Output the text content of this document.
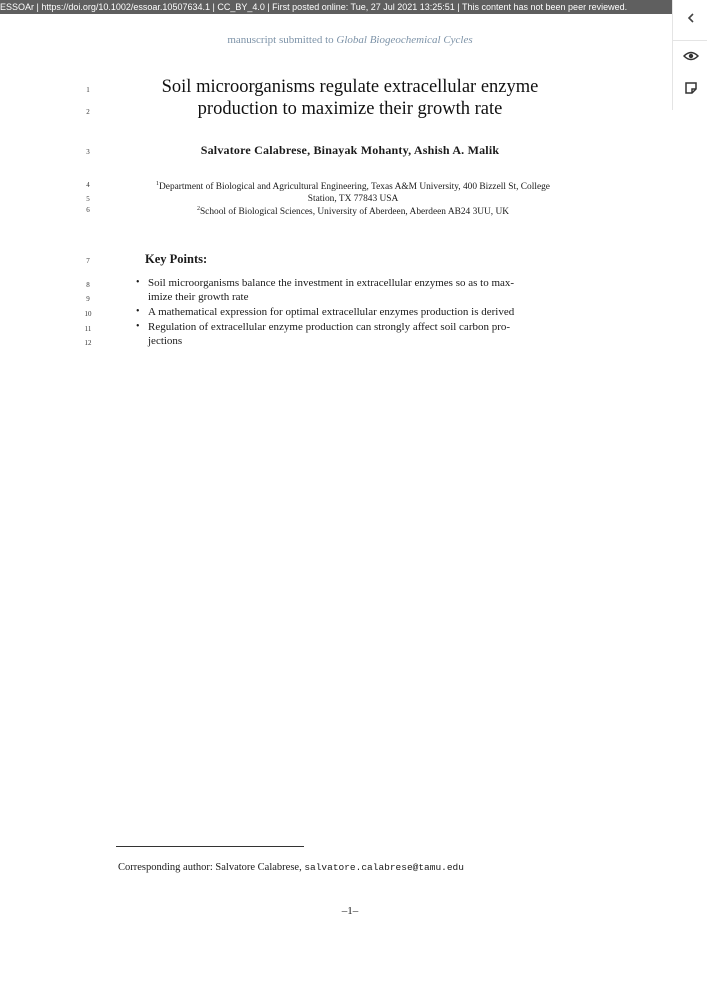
ESSOAr | https://doi.org/10.1002/essoar.10507634.1 | CC_BY_4.0 | First posted online: Tue, 27 Jul 2021 13:25:51 | This content has not been peer reviewed.
manuscript submitted to Global Biogeochemical Cycles
1
2
3
4
5
6
7
8
9
10
11
12
Soil microorganisms regulate extracellular enzyme
production to maximize their growth rate
Salvatore Calabrese, Binayak Mohanty, Ashish A. Malik
$^1$Department of Biological and Agricultural Engineering, Texas A&M University, 400 Bizzell St, College
Station, TX 77843 USA
$^2$School of Biological Sciences, University of Aberdeen, Aberdeen AB24 3UU, UK
Key Points:
• Soil microorganisms balance the investment in extracellular enzymes so as to max-
imize their growth rate
• A mathematical expression for optimal extracellular enzymes production is derived
• Regulation of extracellular enzyme production can strongly affect soil carbon pro-
jections
Corresponding author: Salvatore Calabrese, salvatore.calabrese@tamu.edu
–1–
